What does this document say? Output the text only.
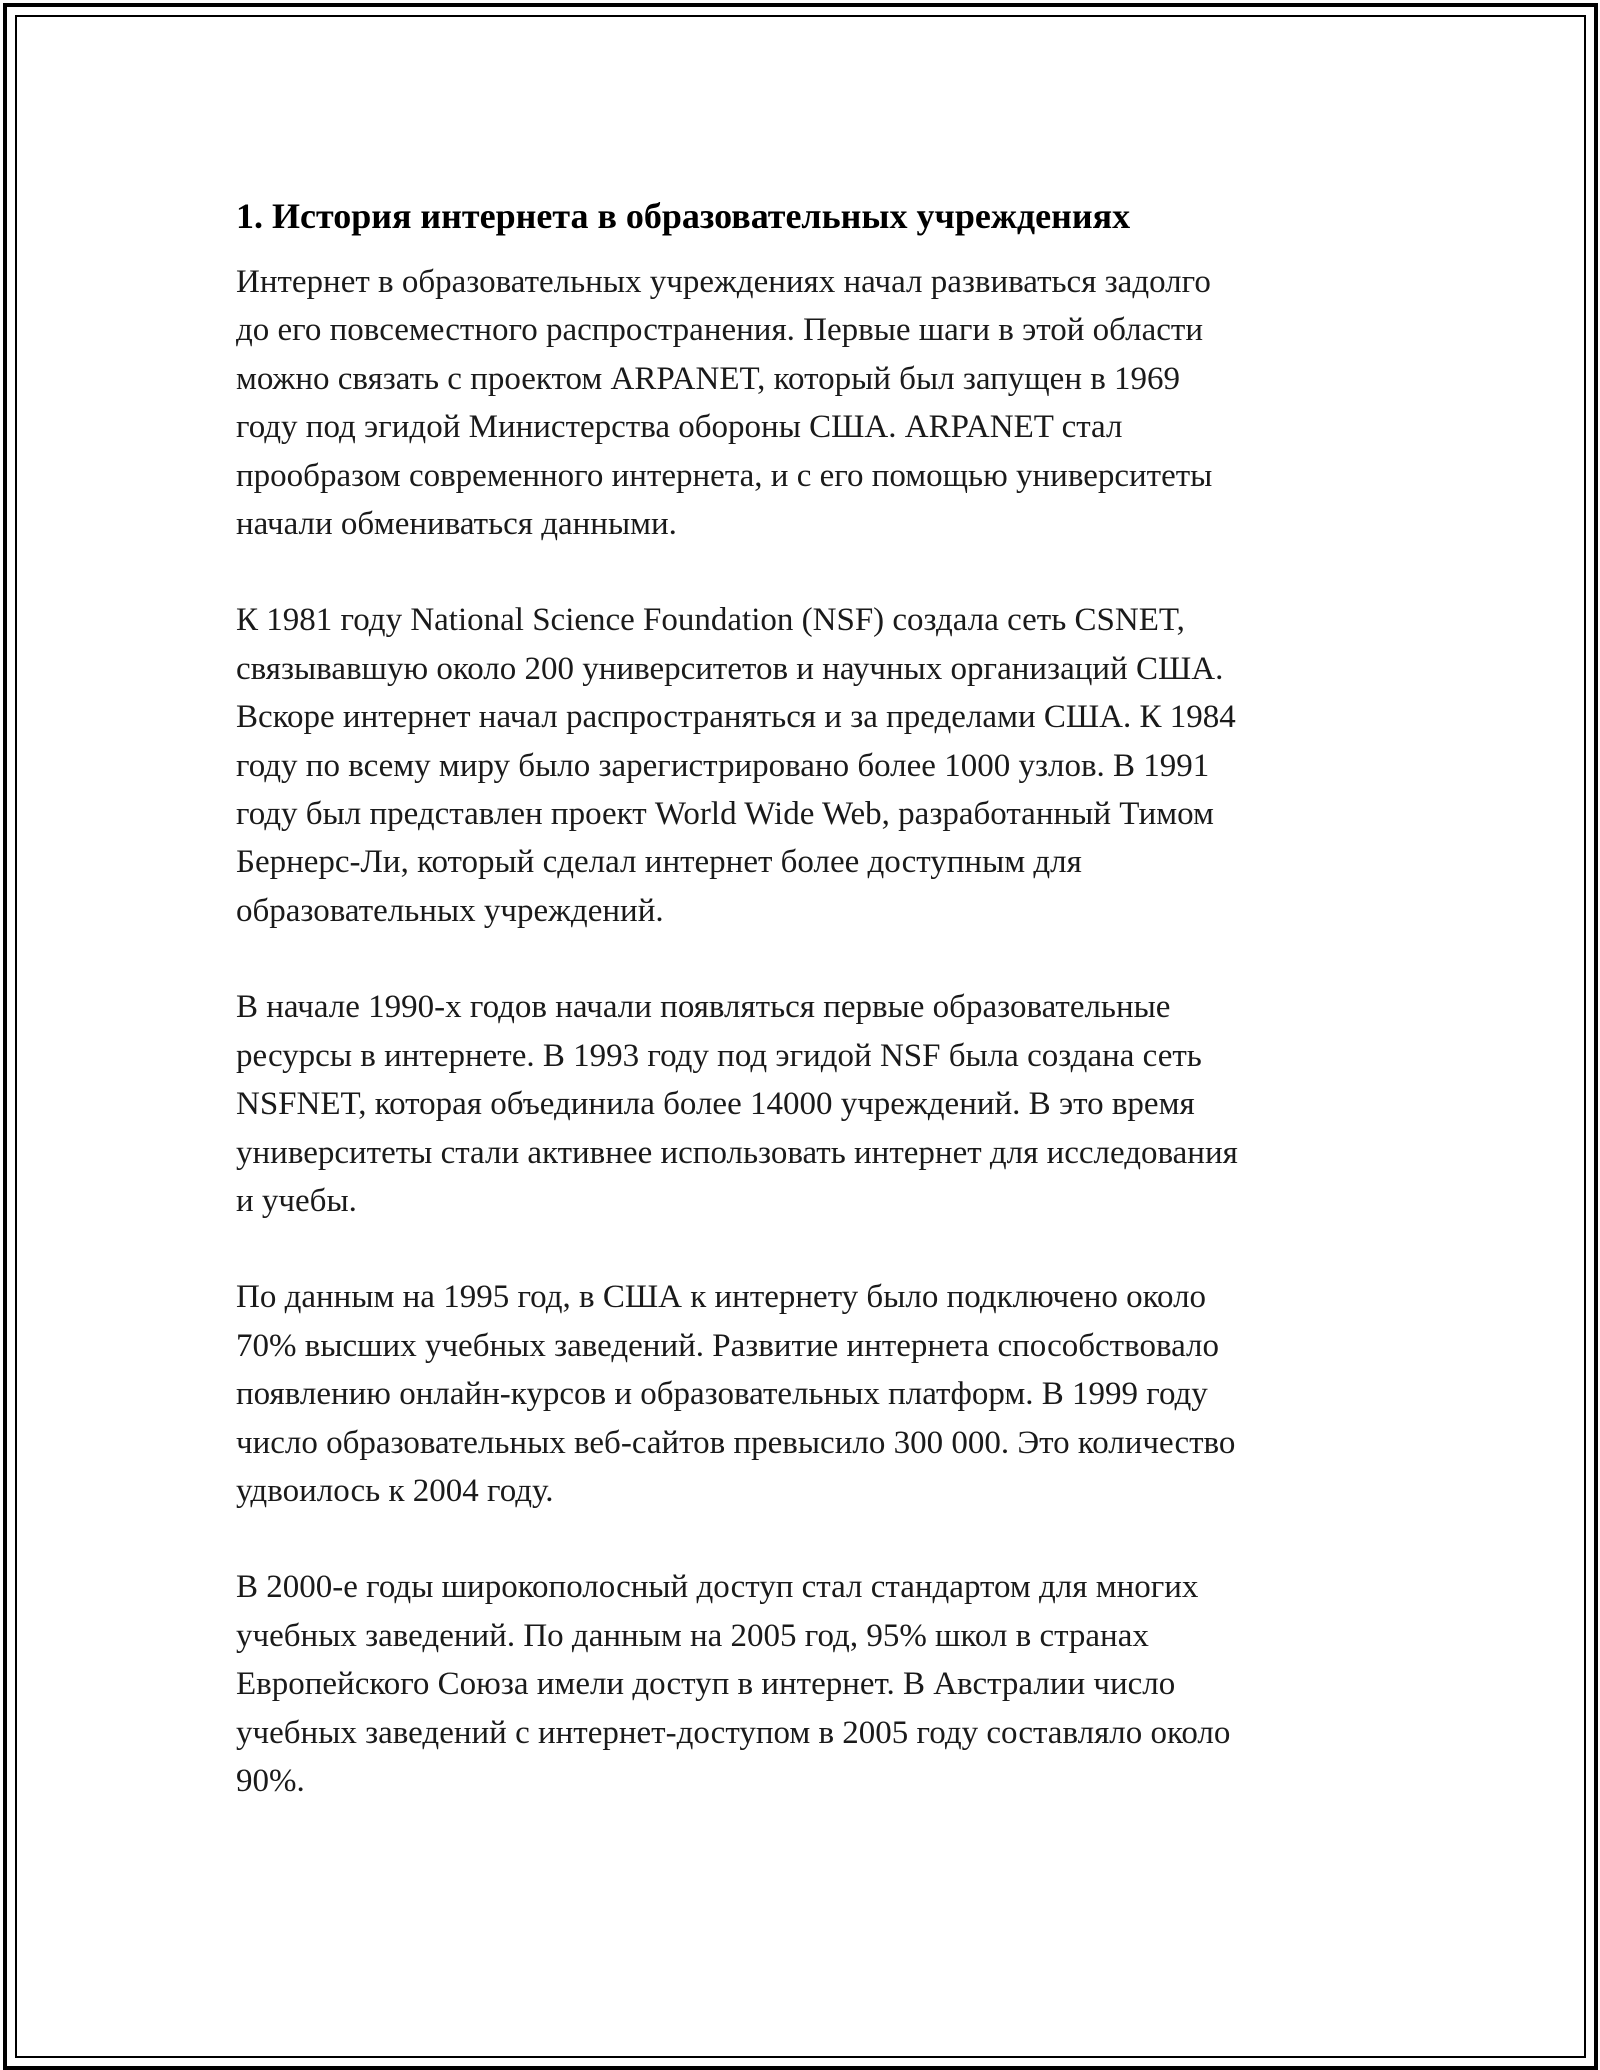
1. История интернета в образовательных учреждениях
Интернет в образовательных учреждениях начал развиваться задолго
до его повсеместного распространения. Первые шаги в этой области
можно связать с проектом ARPANET, который был запущен в 1969
году под эгидой Министерства обороны США. ARPANET стал
прообразом современного интернета, и с его помощью университеты
начали обмениваться данными.
К 1981 году National Science Foundation (NSF) создала сеть CSNET,
связывавшую около 200 университетов и научных организаций США.
Вскоре интернет начал распространяться и за пределами США. К 1984
году по всему миру было зарегистрировано более 1000 узлов. В 1991
году был представлен проект World Wide Web, разработанный Тимом
Бернерс-Ли, который сделал интернет более доступным для
образовательных учреждений.
В начале 1990-х годов начали появляться первые образовательные
ресурсы в интернете. В 1993 году под эгидой NSF была создана сеть
NSFNET, которая объединила более 14000 учреждений. В это время
университеты стали активнее использовать интернет для исследования
и учебы.
По данным на 1995 год, в США к интернету было подключено около
70% высших учебных заведений. Развитие интернета способствовало
появлению онлайн-курсов и образовательных платформ. В 1999 году
число образовательных веб-сайтов превысило 300 000. Это количество
удвоилось к 2004 году.
В 2000-е годы широкополосный доступ стал стандартом для многих
учебных заведений. По данным на 2005 год, 95% школ в странах
Европейского Союза имели доступ в интернет. В Австралии число
учебных заведений с интернет-доступом в 2005 году составляло около
90%.
